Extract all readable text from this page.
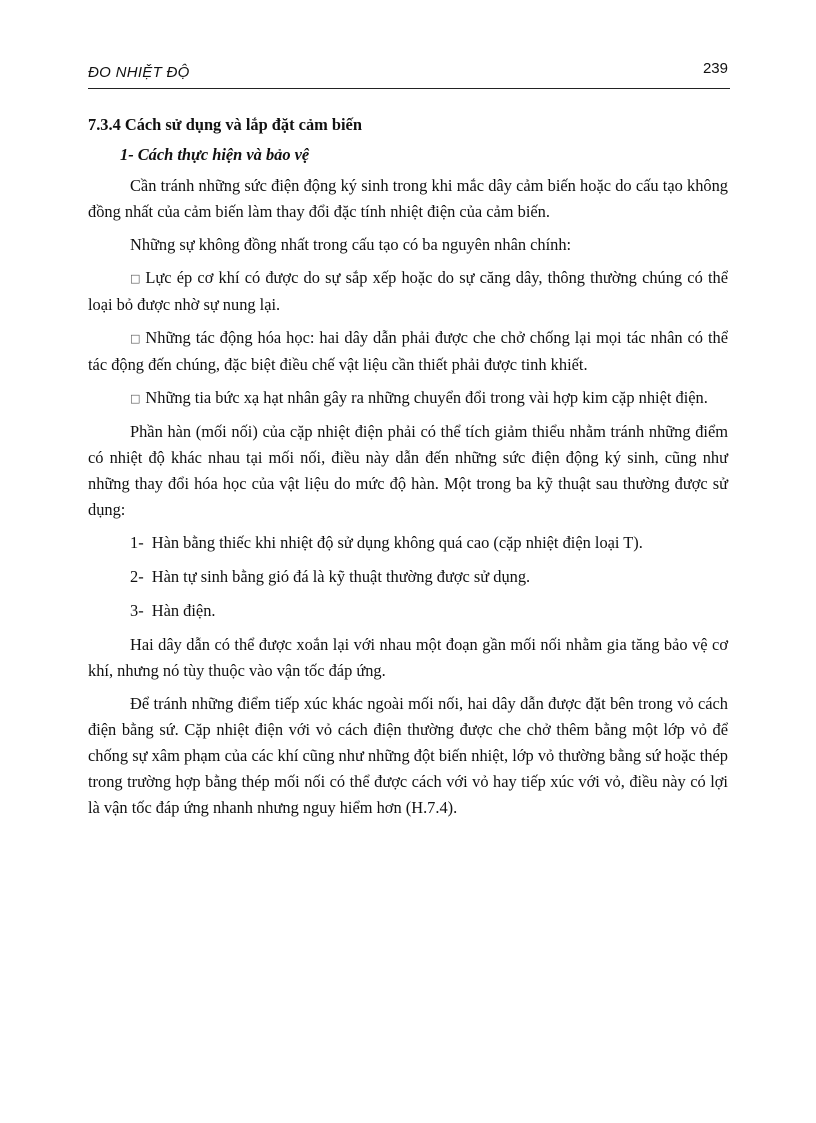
ĐO NHIỆT ĐỘ	239
7.3.4 Cách sử dụng và lắp đặt cảm biến
1- Cách thực hiện và bảo vệ

Cần tránh những sức điện động ký sinh trong khi mắc dây cảm biến hoặc do cấu tạo không đồng nhất của cảm biến làm thay đổi đặc tính nhiệt điện của cảm biến.

Những sự không đồng nhất trong cấu tạo có ba nguyên nhân chính:

□ Lực ép cơ khí có được do sự sắp xếp hoặc do sự căng dây, thông thường chúng có thể loại bỏ được nhờ sự nung lại.

□ Những tác động hóa học: hai dây dẫn phải được che chở chống lại mọi tác nhân có thể tác động đến chúng, đặc biệt điều chế vật liệu cần thiết phải được tinh khiết.

□ Những tia bức xạ hạt nhân gây ra những chuyển đổi trong vài hợp kim cặp nhiệt điện.

Phần hàn (mối nối) của cặp nhiệt điện phải có thể tích giảm thiểu nhằm tránh những điểm có nhiệt độ khác nhau tại mối nối, điều này dẫn đến những sức điện động ký sinh, cũng như những thay đổi hóa học của vật liệu do mức độ hàn. Một trong ba kỹ thuật sau thường được sử dụng:

1- Hàn bằng thiếc khi nhiệt độ sử dụng không quá cao (cặp nhiệt điện loại T).
2- Hàn tự sinh bằng gió đá là kỹ thuật thường được sử dụng.
3- Hàn điện.

Hai dây dẫn có thể được xoắn lại với nhau một đoạn gần mối nối nhằm gia tăng bảo vệ cơ khí, nhưng nó tùy thuộc vào vận tốc đáp ứng.

Để tránh những điểm tiếp xúc khác ngoài mối nối, hai dây dẫn được đặt bên trong vỏ cách điện bằng sứ. Cặp nhiệt điện với vỏ cách điện thường được che chở thêm bằng một lớp vỏ để chống sự xâm phạm của các khí cũng như những đột biến nhiệt, lớp vỏ thường bằng sứ hoặc thép trong trường hợp bằng thép mối nối có thể được cách với vỏ hay tiếp xúc với vỏ, điều này có lợi là vận tốc đáp ứng nhanh nhưng nguy hiểm hơn (H.7.4).
